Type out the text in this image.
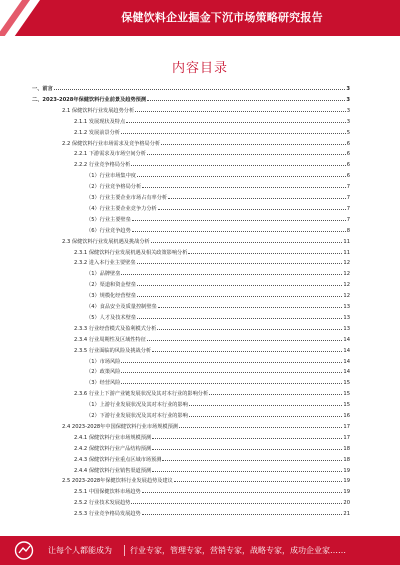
保健饮料企业掘金下沉市场策略研究报告
内容目录
一、前言	3
二、2023-2028年保健饮料行业前景及趋势预测	3
2.1 保健饮料行业发展趋势分析	3
2.1.1 发展现状及特点	3
2.1.2 发展前景分析	5
2.2 保健饮料行业市场需求及竞争格局分析	6
2.2.1 下游需求及市场空间分析	6
2.2.2 行业竞争格局分析	6
（1）行业市场集中度	6
（2）行业竞争格局分析	7
（3）行业主要企业市场占有率分析	7
（4）行业主要企业竞争力分析	7
（5）行业主要壁垒	7
（6）行业竞争趋势	8
2.3 保健饮料行业发展机遇及挑战分析	11
2.3.1 保健饮料行业发展机遇及相关政策影响分析	11
2.3.2 进入本行业主要壁垒	12
（1）品牌壁垒	12
（2）渠道和资金壁垒	12
（3）规模化经营壁垒	12
（4）食品安全及质量控制壁垒	13
（5）人才及技术壁垒	13
2.3.3 行业经营模式及盈利模式分析	13
2.3.4 行业周期性及区域性特征	14
2.3.5 行业面临的风险及挑战分析	14
（1）市场风险	14
（2）政策风险	14
（3）经营风险	15
2.3.6 行业上下游产业链发展状况及其对本行业的影响分析	15
（1）上游行业发展状况及其对本行业的影响	15
（2）下游行业发展状况及其对本行业的影响	16
2.4 2023-2028年中国保健饮料行业市场规模预测	17
2.4.1 保健饮料行业市场规模预测	17
2.4.2 保健饮料行业产品结构预测	18
2.4.3 保健饮料行业重点区域市场预测	18
2.4.4 保健饮料行业销售渠道预测	19
2.5 2023-2028年保健饮料行业发展趋势及建议	19
2.5.1 中国保健饮料市场趋势	19
2.5.2 行业技术发展趋势	20
2.5.3 行业竞争格局发展趋势	21
让每个人都能成为 行业专家，管理专家，营销专家，战略专家，成功企业家……
